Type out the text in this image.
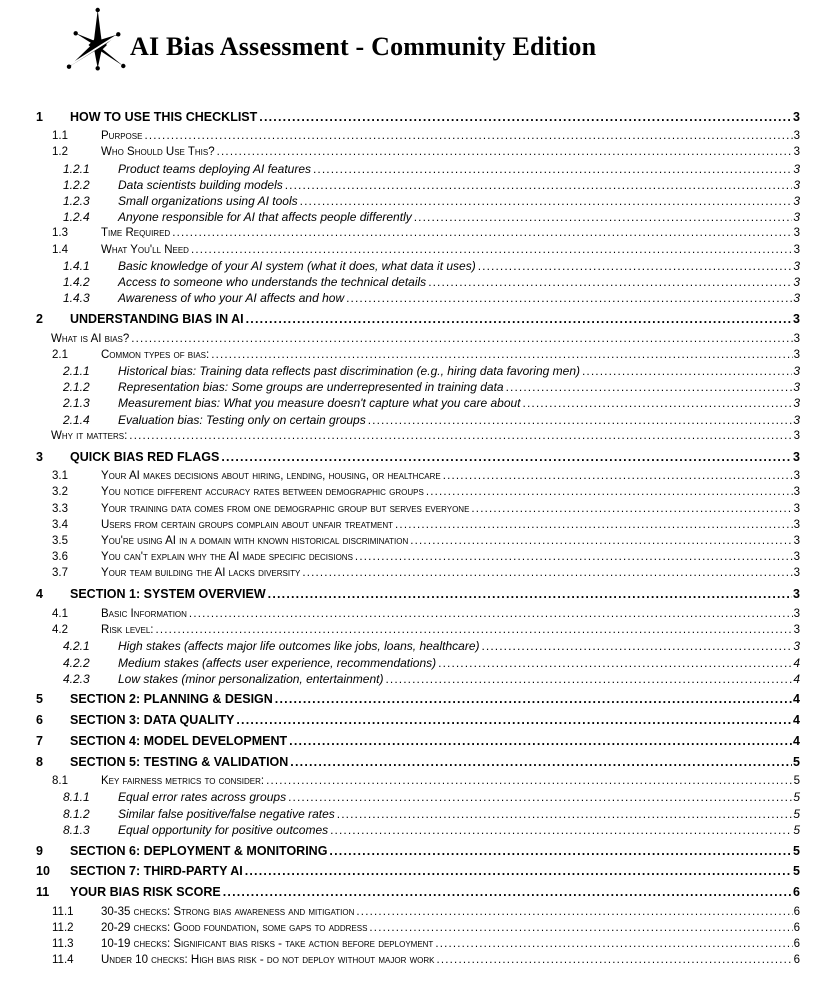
AI Bias Assessment - Community Edition
1	HOW TO USE THIS CHECKLIST .....	3
1.1	Purpose .....	3
1.2	Who Should Use This? .....	3
1.2.1	Product teams deploying AI features .....	3
1.2.2	Data scientists building models .....	3
1.2.3	Small organizations using AI tools .....	3
1.2.4	Anyone responsible for AI that affects people differently .....	3
1.3	Time Required .....	3
1.4	What You'll Need .....	3
1.4.1	Basic knowledge of your AI system (what it does, what data it uses) .....	3
1.4.2	Access to someone who understands the technical details .....	3
1.4.3	Awareness of who your AI affects and how .....	3
2	UNDERSTANDING BIAS IN AI .....	3
What is AI bias? .....	3
2.1	Common types of bias: .....	3
2.1.1	Historical bias: Training data reflects past discrimination (e.g., hiring data favoring men) .....	3
2.1.2	Representation bias: Some groups are underrepresented in training data .....	3
2.1.3	Measurement bias: What you measure doesn't capture what you care about .....	3
2.1.4	Evaluation bias: Testing only on certain groups .....	3
Why it matters: .....	3
3	QUICK BIAS RED FLAGS .....	3
3.1	Your AI makes decisions about hiring, lending, housing, or healthcare .....	3
3.2	You notice different accuracy rates between demographic groups .....	3
3.3	Your training data comes from one demographic group but serves everyone .....	3
3.4	Users from certain groups complain about unfair treatment .....	3
3.5	You're using AI in a domain with known historical discrimination .....	3
3.6	You can't explain why the AI made specific decisions .....	3
3.7	Your team building the AI lacks diversity .....	3
4	SECTION 1: SYSTEM OVERVIEW .....	3
4.1	Basic Information .....	3
4.2	Risk level: .....	3
4.2.1	High stakes (affects major life outcomes like jobs, loans, healthcare) .....	3
4.2.2	Medium stakes (affects user experience, recommendations) .....	4
4.2.3	Low stakes (minor personalization, entertainment) .....	4
5	SECTION 2: PLANNING & DESIGN .....	4
6	SECTION 3: DATA QUALITY .....	4
7	SECTION 4: MODEL DEVELOPMENT .....	4
8	SECTION 5: TESTING & VALIDATION .....	5
8.1	Key fairness metrics to consider: .....	5
8.1.1	Equal error rates across groups .....	5
8.1.2	Similar false positive/false negative rates .....	5
8.1.3	Equal opportunity for positive outcomes .....	5
9	SECTION 6: DEPLOYMENT & MONITORING .....	5
10	SECTION 7: THIRD-PARTY AI .....	5
11	YOUR BIAS RISK SCORE .....	6
11.1	30-35 checks: Strong bias awareness and mitigation .....	6
11.2	20-29 checks: Good foundation, some gaps to address .....	6
11.3	10-19 checks: Significant bias risks - take action before deployment .....	6
11.4	Under 10 checks: High bias risk - do not deploy without major work .....	6
